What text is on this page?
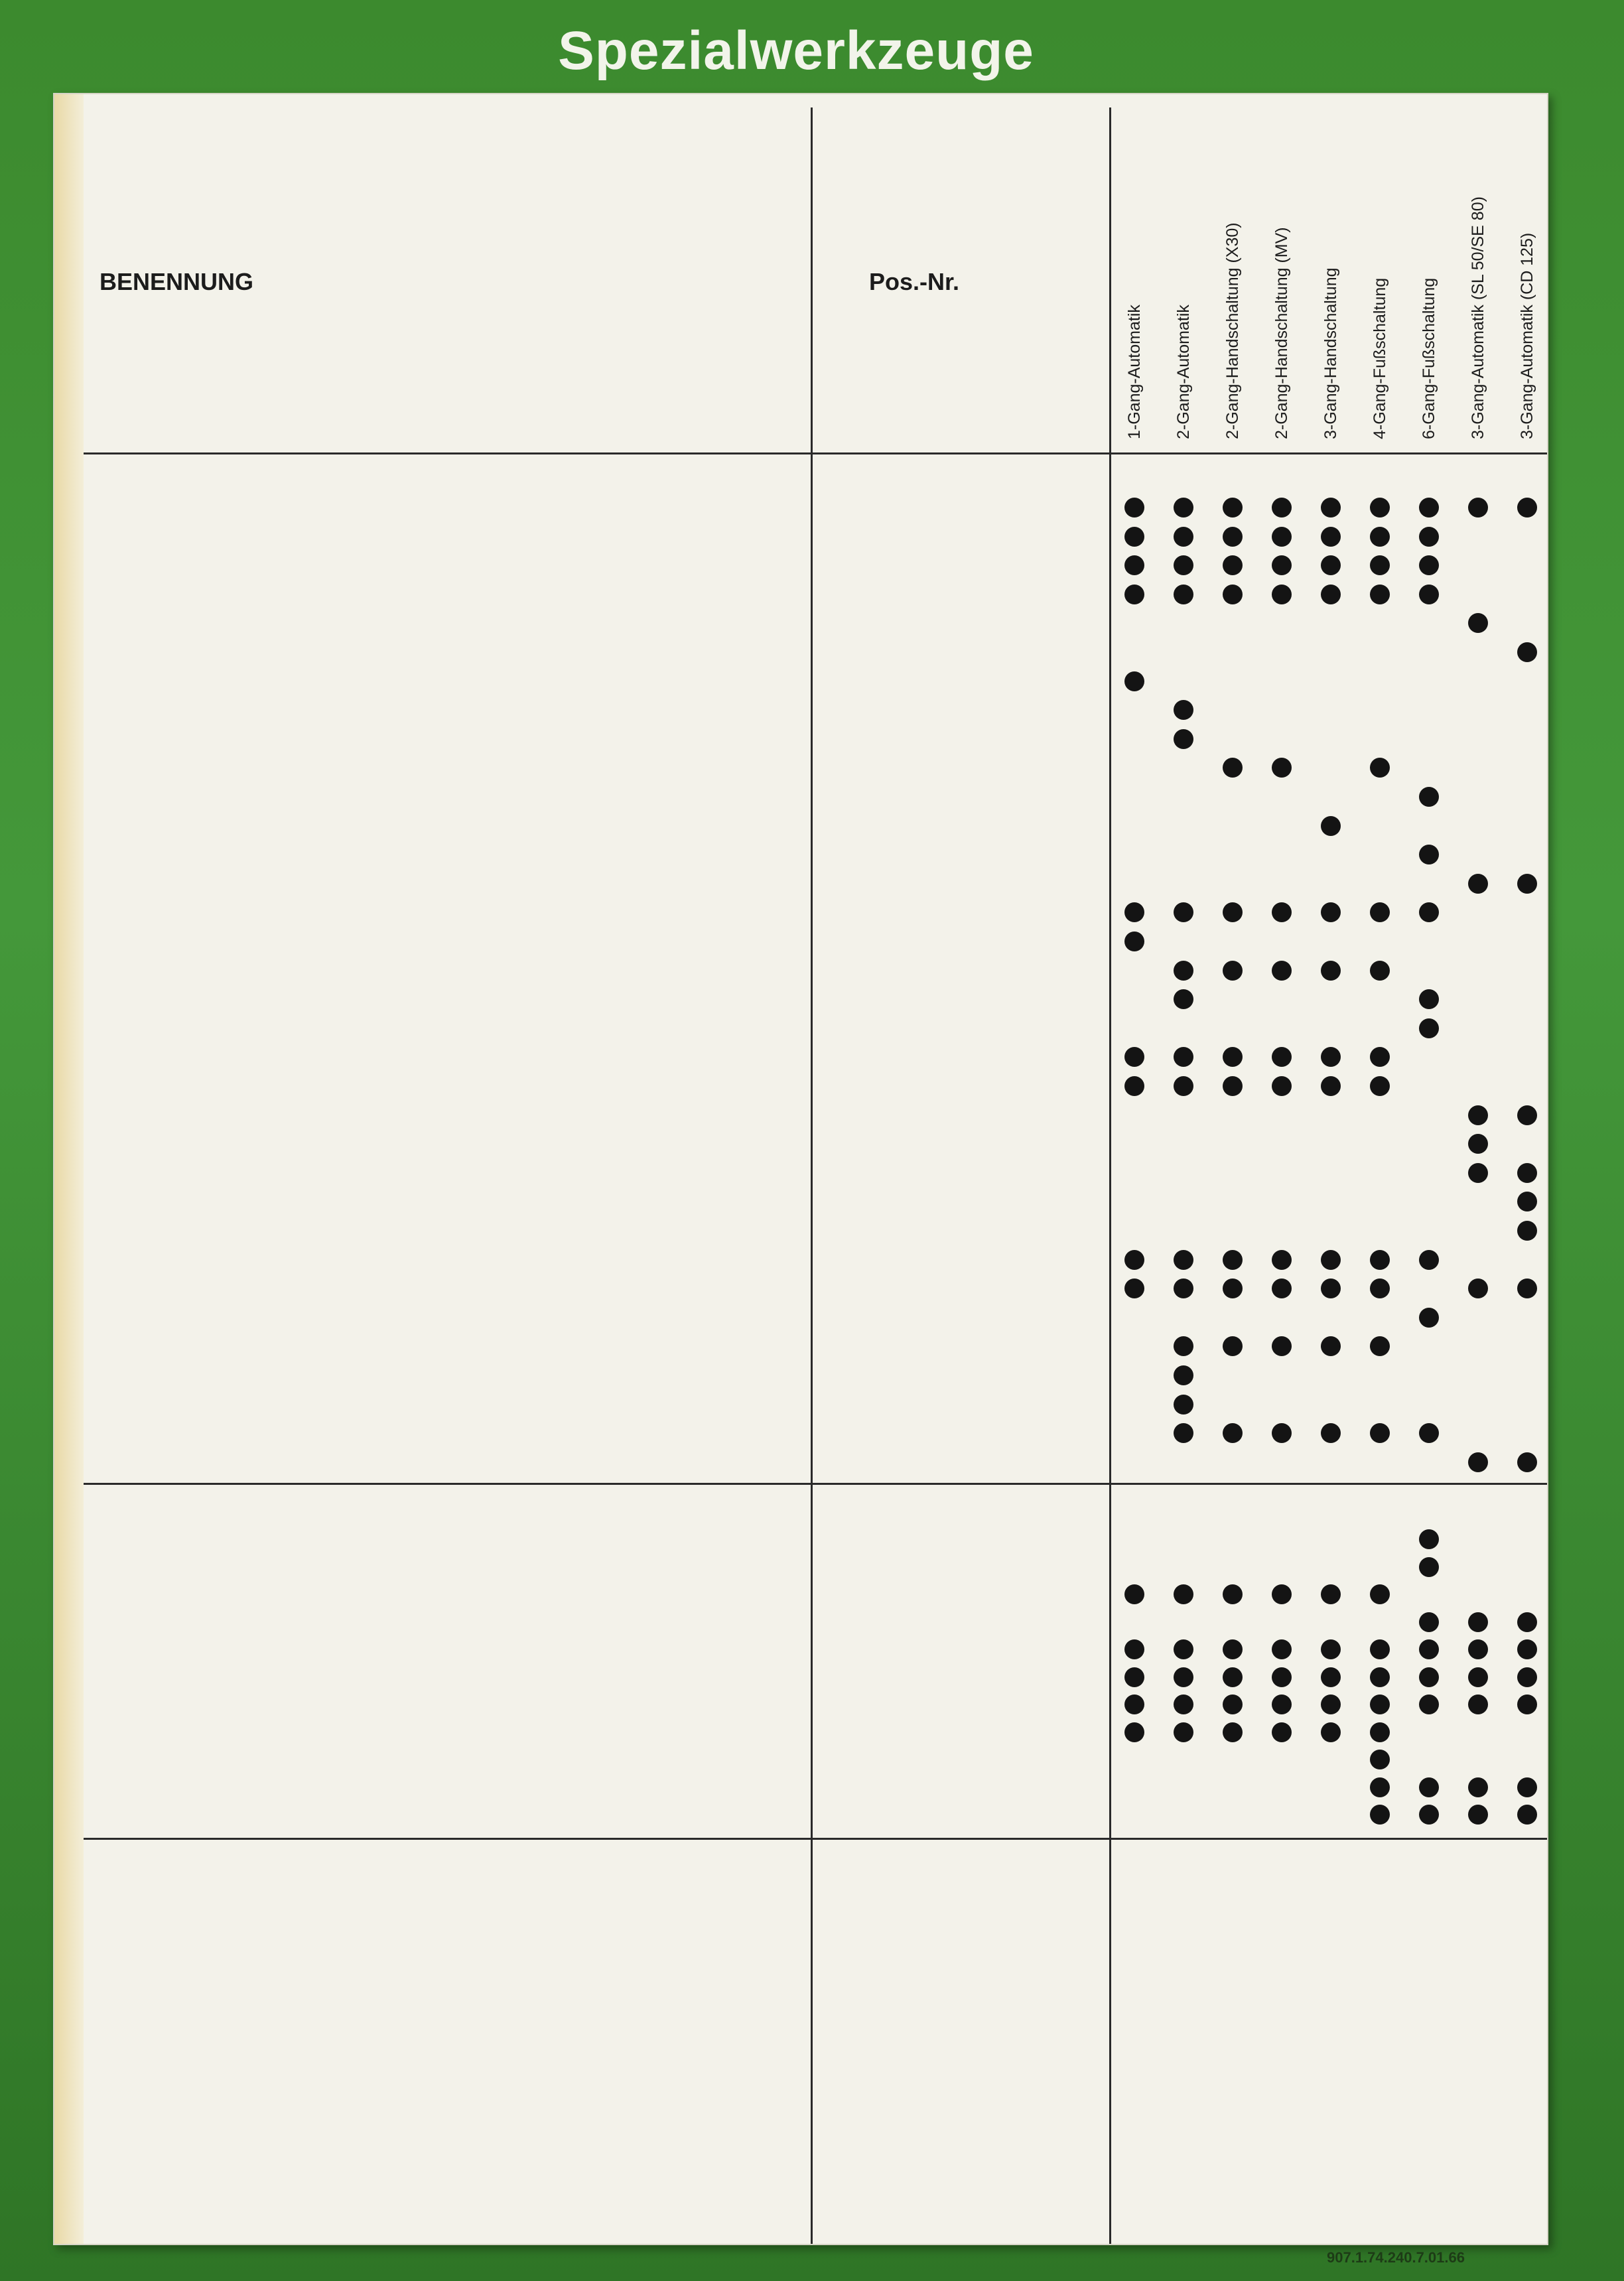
Spezialwerkzeuge
BENENNUNG	Pos.-Nr.
1-Gang-Automatik	2-Gang-Automatik	2-Gang-Handschaltung (X30)	2-Gang-Handschaltung (MV)	3-Gang-Handschaltung	4-Gang-Fußschaltung	6-Gang-Fußschaltung	3-Gang-Automatik (SL 50/SE 80)	3-Gang-Automatik (CD 125)
907.1.74.240.7.01.66
